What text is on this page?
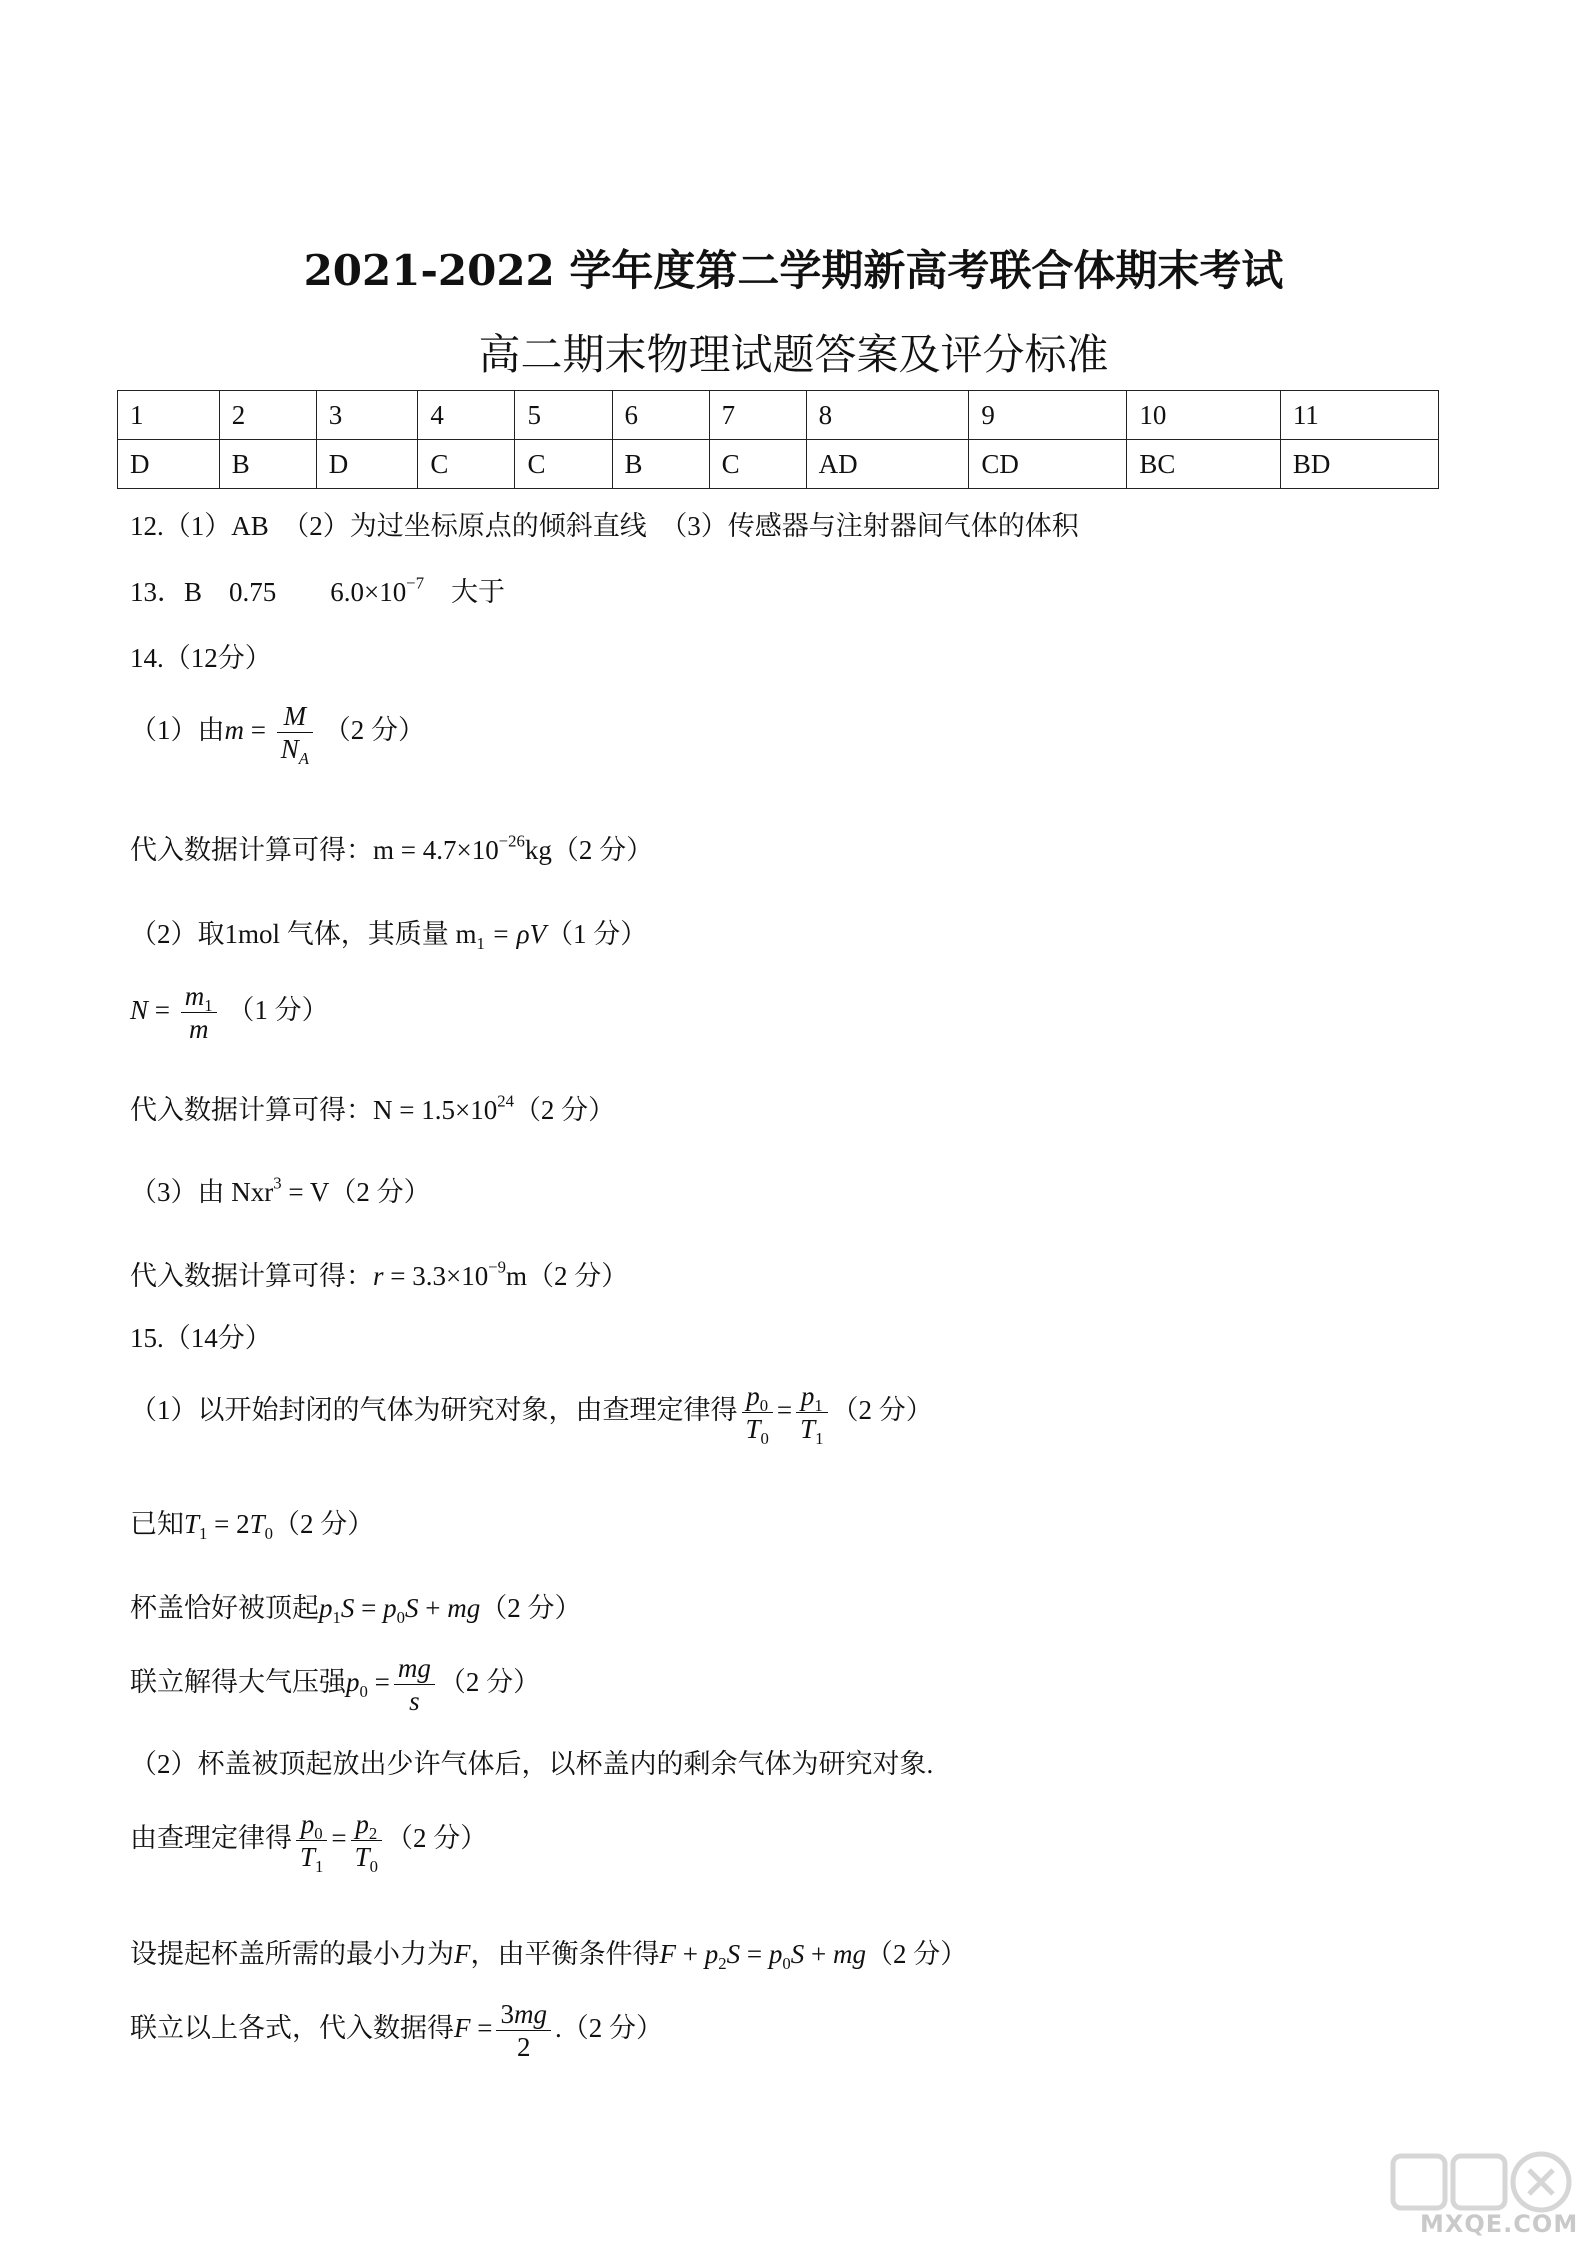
2021-2022 学年度第二学期新高考联合体期末考试
高二期末物理试题答案及评分标准
1	2	3	4	5	6	7	8	9	10	11
D	B	D	C	C	B	C	AD	CD	BC	BD
12.（1）AB　（2）为过坐标原点的倾斜直线　（3）传感器与注射器间气体的体积
13．B　0.75　　$6.0\times 10^{-7}$　大于
14.（12分）
（1）由$m = \frac{M}{N_A} (2$ 分）
代入数据计算可得：$m = 4.7\times 10^{-26}kg(2$ 分）
（2）取1mol 气体，其质量 $m_1 = \rho V(1$ 分）
$N = \frac{m_1}{m} (1$ 分）
代入数据计算可得：$N = 1.5\times 10^{24}(2$ 分）
（3）由 Nxr$^3$ = V（2 分）
代入数据计算可得：$r = 3.3\times 10^{-9}m(2$ 分）
15.（14分）
（1）以开始封闭的气体为研究对象，由查理定律得 $\frac{p_0}{T_0} = \frac{p_1}{T_1} (2$ 分）
已知$T_1 = 2T_0(2$ 分）
杯盖恰好被顶起$p_1S = p_0S + mg(2$ 分）
联立解得大气压强$p_0 = \frac{mg}{s} (2$ 分）
（2）杯盖被顶起放出少许气体后，以杯盖内的剩余气体为研究对象.
由查理定律得 $\frac{p_0}{T_1} = \frac{p_2}{T_0} (2$ 分）
设提起杯盖所需的最小力为F，由平衡条件得$F + p_2S = p_0S + mg(2$ 分）
联立以上各式，代入数据得$F = \frac{3mg}{2} .(2$ 分）
MXQE.COM
